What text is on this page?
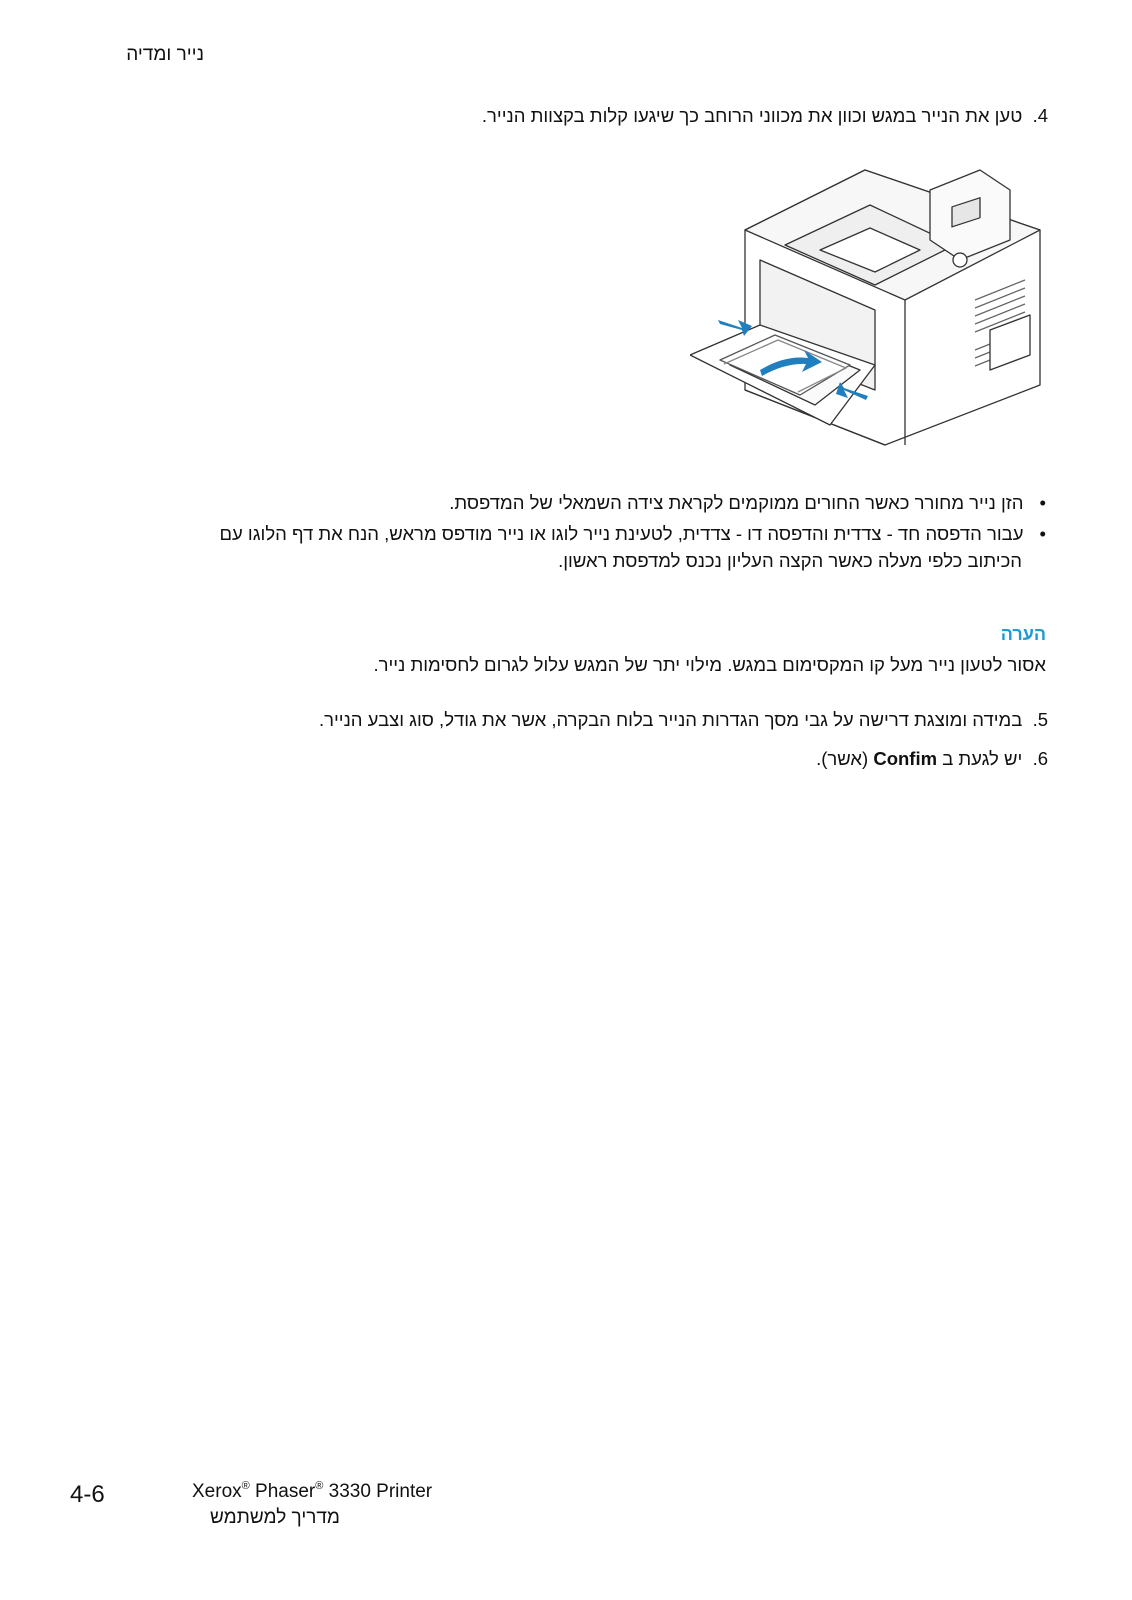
נייר ומדיה
4.  טען את הנייר במגש וכוון את מכווני הרוחב כך שיגעו קלות בקצוות הנייר.
•הזן נייר מחורר כאשר החורים ממוקמים לקראת צידה השמאלי של המדפסת.
•עבור הדפסה חד - צדדית והדפסה דו - צדדית, לטעינת נייר לוגו או נייר מודפס מראש, הנח את דף הלוגו עם
הכיתוב כלפי מעלה כאשר הקצה העליון נכנס למדפסת ראשון.
הערה
אסור לטעון נייר מעל קו המקסימום במגש. מילוי יתר של המגש עלול לגרום לחסימות נייר.
5.  במידה ומוצגת דרישה על גבי מסך הגדרות הנייר בלוח הבקרה, אשר את גודל, סוג וצבע הנייר.
6.  יש לגעת ב Confim (אשר).
4-6	Xerox® Phaser® 3330 Printer
מדריך למשתמש
